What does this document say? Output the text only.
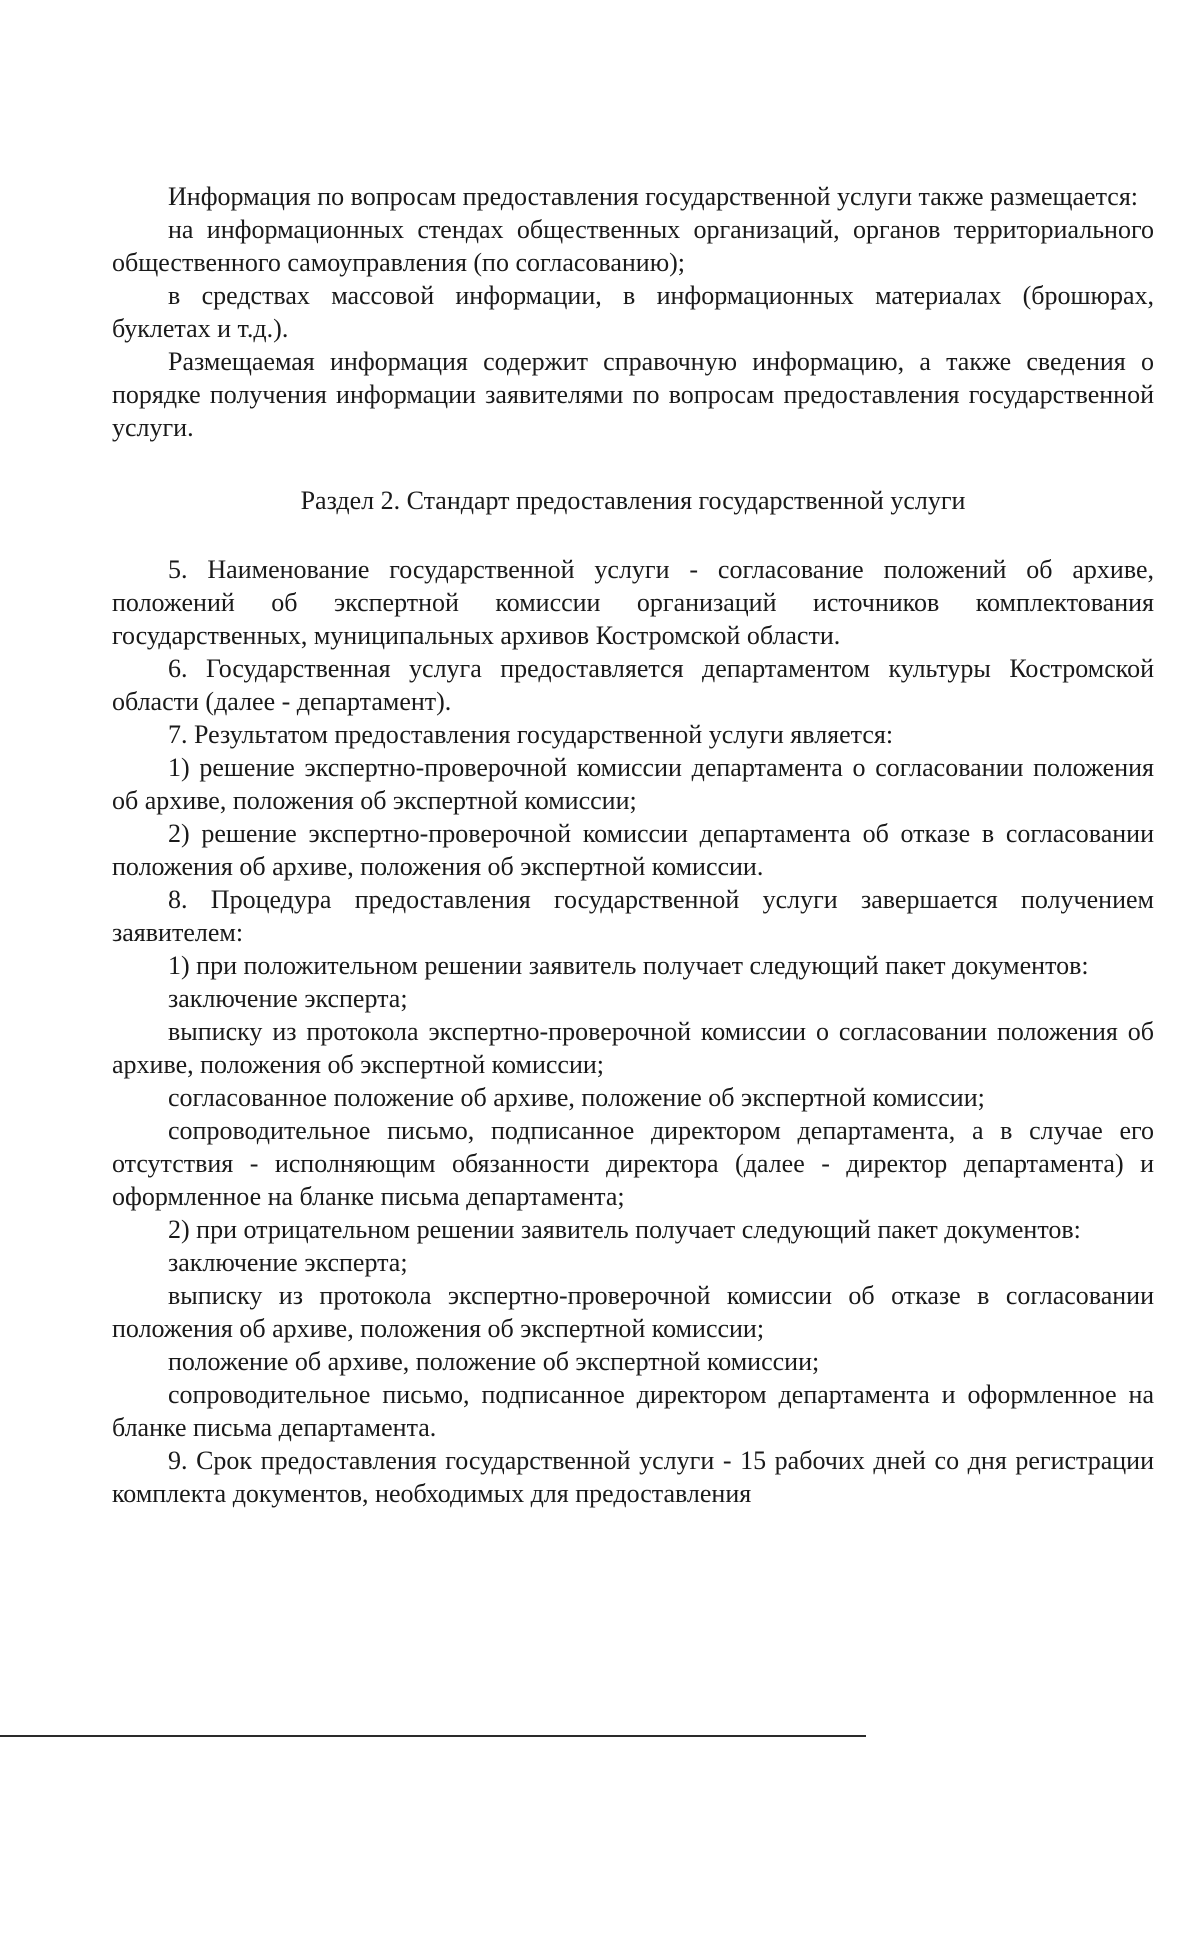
Информация по вопросам предоставления государственной услуги также размещается:

на информационных стендах общественных организаций, органов территориального общественного самоуправления (по согласованию);

в средствах массовой информации, в информационных материалах (брошюрах, буклетах и т.д.).

Размещаемая информация содержит справочную информацию, а также сведения о порядке получения информации заявителями по вопросам предоставления государственной услуги.

Раздел 2. Стандарт предоставления государственной услуги

5. Наименование государственной услуги - согласование положений об архиве, положений об экспертной комиссии организаций источников комплектования государственных, муниципальных архивов Костромской области.

6. Государственная услуга предоставляется департаментом культуры Костромской области (далее - департамент).

7. Результатом предоставления государственной услуги является:

1) решение экспертно-проверочной комиссии департамента о согласовании положения об архиве, положения об экспертной комиссии;

2) решение экспертно-проверочной комиссии департамента об отказе в согласовании положения об архиве, положения об экспертной комиссии.

8. Процедура предоставления государственной услуги завершается получением заявителем:

1) при положительном решении заявитель получает следующий пакет документов:

заключение эксперта;

выписку из протокола экспертно-проверочной комиссии о согласовании положения об архиве, положения об экспертной комиссии;

согласованное положение об архиве, положение об экспертной комиссии;

сопроводительное письмо, подписанное директором департамента, а в случае его отсутствия - исполняющим обязанности директора (далее - директор департамента) и оформленное на бланке письма департамента;

2) при отрицательном решении заявитель получает следующий пакет документов:

заключение эксперта;

выписку из протокола экспертно-проверочной комиссии об отказе в согласовании положения об архиве, положения об экспертной комиссии;

положение об архиве, положение об экспертной комиссии;

сопроводительное письмо, подписанное директором департамента и оформленное на бланке письма департамента.

9. Срок предоставления государственной услуги - 15 рабочих дней со дня регистрации комплекта документов, необходимых для предоставления
